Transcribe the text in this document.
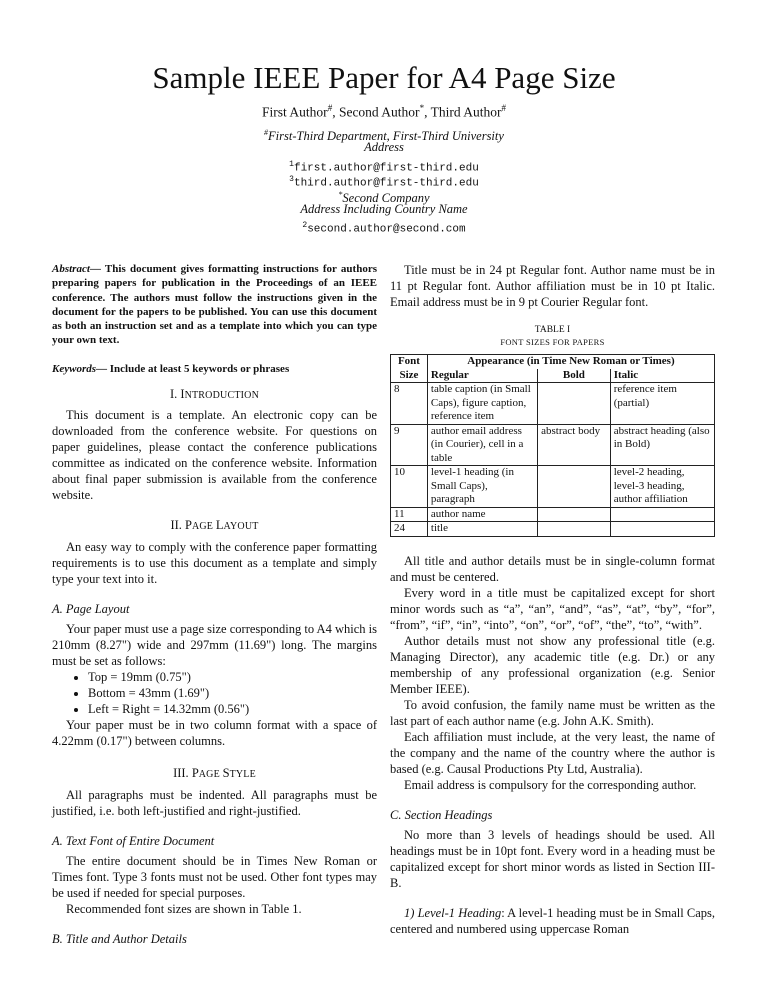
Sample IEEE Paper for A4 Page Size
First Author#, Second Author*, Third Author#
#First-Third Department, First-Third University
Address
$^1$first.author@first-third.edu
$^3$third.author@first-third.edu
*Second Company
Address Including Country Name
$^2$second.author@second.com

Abstract— This document gives formatting instructions for authors preparing papers for publication in the Proceedings of an IEEE conference. The authors must follow the instructions given in the document for the papers to be published. You can use this document as both an instruction set and as a template into which you can type your own text.

Keywords— Include at least 5 keywords or phrases

I. INTRODUCTION

This document is a template. An electronic copy can be downloaded from the conference website. For questions on paper guidelines, please contact the conference publications committee as indicated on the conference website. Information about final paper submission is available from the conference website.

II. PAGE LAYOUT

An easy way to comply with the conference paper formatting requirements is to use this document as a template and simply type your text into it.

A. Page Layout

Your paper must use a page size corresponding to A4 which is 210mm (8.27") wide and 297mm (11.69") long. The margins must be set as follows:

• Top = 19mm (0.75")
• Bottom = 43mm (1.69")
• Left = Right = 14.32mm (0.56")

Your paper must be in two column format with a space of 4.22mm (0.17") between columns.

III. PAGE STYLE

All paragraphs must be indented. All paragraphs must be justified, i.e. both left-justified and right-justified.

A. Text Font of Entire Document

The entire document should be in Times New Roman or Times font. Type 3 fonts must not be used. Other font types may be used if needed for special purposes.

Recommended font sizes are shown in Table 1.

B. Title and Author Details

Title must be in 24 pt Regular font. Author name must be in 11 pt Regular font. Author affiliation must be in 10 pt Italic. Email address must be in 9 pt Courier Regular font.

TABLE I

FONT SIZES FOR PAPERS

Font
Size	Appearance (in Time New Roman or Times)		
	Regular	Bold	Italic
8	table caption (in Small Caps), figure caption, reference item		reference item (partial)
9	author email address (in Courier), cell in a table	abstract body	abstract heading (also in Bold)
10	level-1 heading (in Small Caps), paragraph		level-2 heading, level-3 heading, author affiliation
11	author name		
24	title		

All title and author details must be in single-column format and must be centered.

Every word in a title must be capitalized except for short minor words such as “a”, “an”, “and”, “as”, “at”, “by”, “for”, “from”, “if”, “in”, “into”, “on”, “or”, “of”, “the”, “to”, “with”.

Author details must not show any professional title (e.g. Managing Director), any academic title (e.g. Dr.) or any membership of any professional organization (e.g. Senior Member IEEE).

To avoid confusion, the family name must be written as the last part of each author name (e.g. John A.K. Smith).

Each affiliation must include, at the very least, the name of the company and the name of the country where the author is based (e.g. Causal Productions Pty Ltd, Australia).

Email address is compulsory for the corresponding author.

C. Section Headings

No more than 3 levels of headings should be used. All headings must be in 10pt font. Every word in a heading must be capitalized except for short minor words as listed in Section III-B.

1) Level-1 Heading: A level-1 heading must be in Small Caps, centered and numbered using uppercase Roman
